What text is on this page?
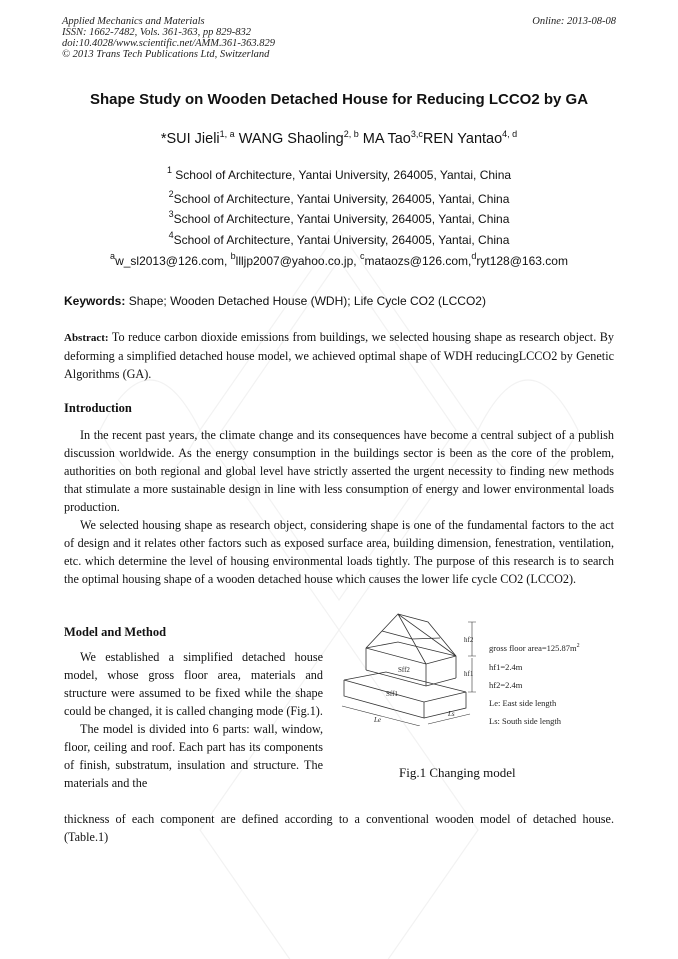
Applied Mechanics and Materials
ISSN: 1662-7482, Vols. 361-363, pp 829-832
doi:10.4028/www.scientific.net/AMM.361-363.829
© 2013 Trans Tech Publications Ltd, Switzerland
Online: 2013-08-08
Shape Study on Wooden Detached House for Reducing LCCO2 by GA
*SUI Jieli$^{1, a}$ WANG Shaoling$^{2, b}$ MA Tao$^{3,c}$REN Yantao$^{4, d}$
$^1$ School of Architecture, Yantai University, 264005, Yantai, China
$^2$School of Architecture, Yantai University, 264005, Yantai, China
$^3$School of Architecture, Yantai University, 264005, Yantai, China
$^4$School of Architecture, Yantai University, 264005, Yantai, China
$^a$w_sl2013@126.com, $^b$llljp2007@yahoo.co.jp, $^c$mataozs@126.com,$^d$ryt128@163.com
Keywords: Shape; Wooden Detached House (WDH); Life Cycle CO2 (LCCO2)
Abstract: To reduce carbon dioxide emissions from buildings, we selected housing shape as research object. By deforming a simplified detached house model, we achieved optimal shape of WDH reducingLCCO2 by Genetic Algorithms (GA).
Introduction

In the recent past years, the climate change and its consequences have become a central subject of a publish discussion worldwide. As the energy consumption in the buildings sector is been as the core of the problem, authorities on both regional and global level have strictly asserted the urgent necessity to finding new methods that stimulate a more sustainable design in line with less consumption of energy and lower environmental loads production.

We selected housing shape as research object, considering shape is one of the fundamental factors to the act of design and it relates other factors such as exposed surface area, building dimension, fenestration, ventilation, etc. which determine the level of housing environmental loads tightly. The purpose of this research is to search the optimal housing shape of a wooden detached house which causes the lower life cycle CO2 (LCCO2).

Model and Method

We established a simplified detached house model, whose gross floor area, materials and structure were assumed to be fixed while the shape could be changed, it is called changing mode (Fig.1).

The model is divided into 6 parts: wall, window, floor, ceiling and roof. Each part has its components of finish, substratum, insulation and structure. The materials and the

thickness of each component are defined according to a conventional wooden model of detached house. (Table.1)

hf2
hf1
Sff2
Sff1
Le
Ls
gross floor $area=125.87m^2$
hf1=2.4m
hf2=2.4m
Le: East side length
Ls: South side length
Fig.1 Changing model
